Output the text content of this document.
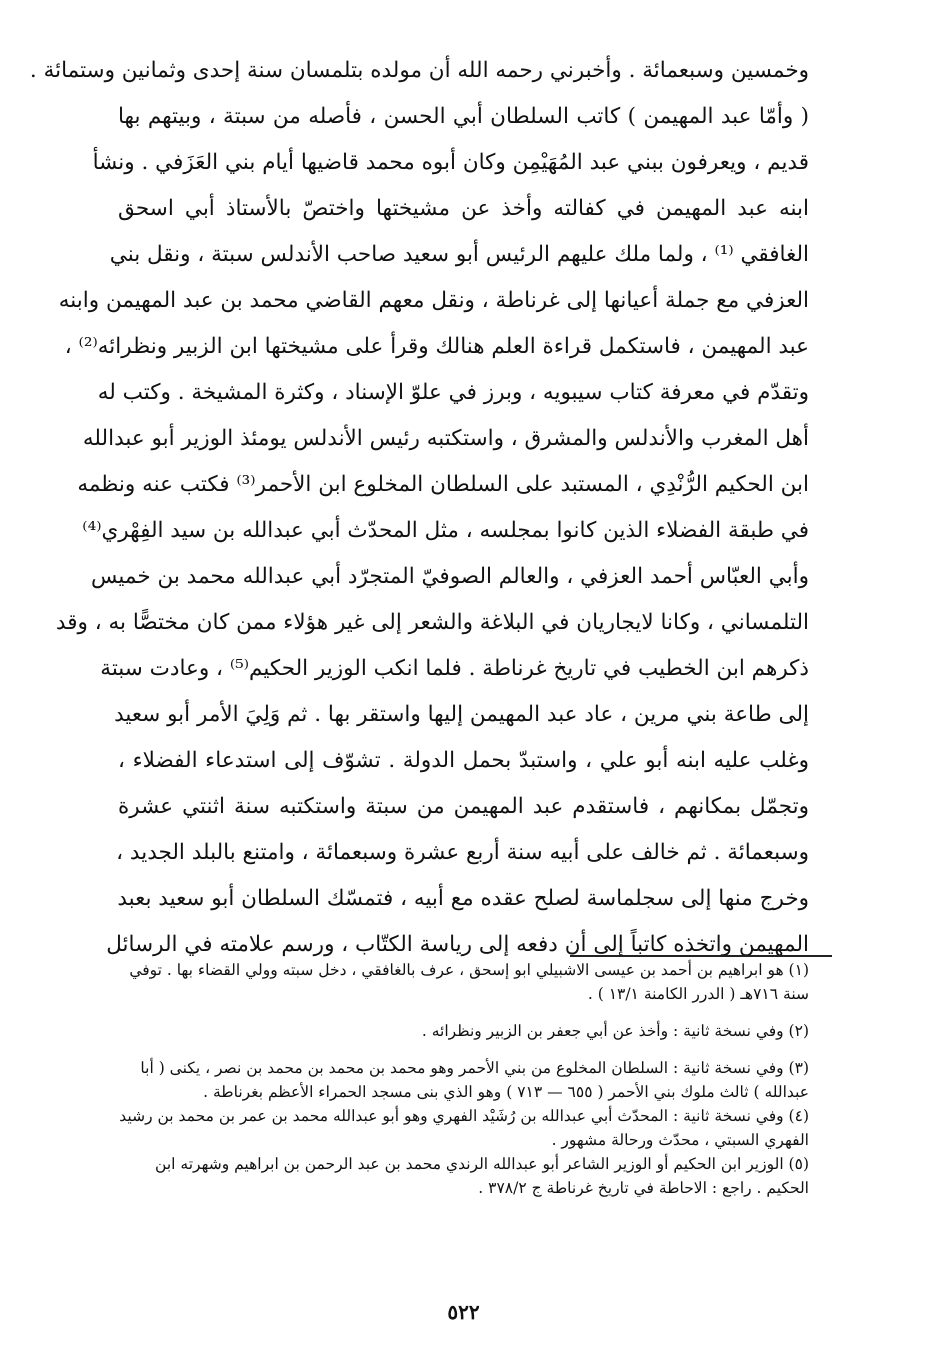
وخمسين وسبعمائة . وأخبرني رحمه الله أن مولده بتلمسان سنة إحدى وثمانين وستمائة .
( وأمّا عبد المهيمن ) كاتب السلطان أبي الحسن ، فأصله من سبتة ، وبيتهم بها
قديم ، ويعرفون ببني عبد المُهَيْمِن وكان أبوه محمد قاضيها أيام بني العَزَفي . ونشأ
ابنه عبد المهيمن في كفالته وأخذ عن مشيختها واختصّ بالأستاذ أبي اسحق
الغافقي ⁽¹⁾ ، ولما ملك عليهم الرئيس أبو سعيد صاحب الأندلس سبتة ، ونقل بني
العزفي مع جملة أعيانها إلى غرناطة ، ونقل معهم القاضي محمد بن عبد المهيمن وابنه
عبد المهيمن ، فاستكمل قراءة العلم هنالك وقرأ على مشيختها ابن الزبير ونظرائه⁽²⁾ ،
وتقدّم في معرفة كتاب سيبويه ، وبرز في علوّ الإسناد ، وكثرة المشيخة . وكتب له
أهل المغرب والأندلس والمشرق ، واستكتبه رئيس الأندلس يومئذ الوزير أبو عبدالله
ابن الحكيم الرُّنْدِي ، المستبد على السلطان المخلوع ابن الأحمر⁽³⁾ فكتب عنه ونظمه
في طبقة الفضلاء الذين كانوا بمجلسه ، مثل المحدّث أبي عبدالله بن سيد الفِهْري⁽⁴⁾
وأبي العبّاس أحمد العزفي ، والعالم الصوفيّ المتجرّد أبي عبدالله محمد بن خميس
التلمساني ، وكانا لايجاريان في البلاغة والشعر إلى غير هؤلاء ممن كان مختصًّا به ، وقد
ذكرهم ابن الخطيب في تاريخ غرناطة . فلما انكب الوزير الحكيم⁽⁵⁾ ، وعادت سبتة
إلى طاعة بني مرين ، عاد عبد المهيمن إليها واستقر بها . ثم وَلِيَ الأمر أبو سعيد
وغلب عليه ابنه أبو علي ، واستبدّ بحمل الدولة . تشوّف إلى استدعاء الفضلاء ،
وتجمّل بمكانهم ، فاستقدم عبد المهيمن من سبتة واستكتبه سنة اثنتي عشرة
وسبعمائة . ثم خالف على أبيه سنة أربع عشرة وسبعمائة ، وامتنع بالبلد الجديد ،
وخرج منها إلى سجلماسة لصلح عقده مع أبيه ، فتمسّك السلطان أبو سعيد بعبد
المهيمن واتخذه كاتباً إلى أن دفعه إلى رياسة الكتّاب ، ورسم علامته في الرسائل
(١) هو ابراهيم بن أحمد بن عيسى الاشبيلي ابو إسحق ، عرف بالغافقي ، دخل سبته وولي القضاء بها . توفي
سنة ٧١٦هـ ( الدرر الكامنة ١٣/١ ) .
(٢) وفي نسخة ثانية : وأخذ عن أبي جعفر بن الزبير ونظرائه .
(٣) وفي نسخة ثانية : السلطان المخلوع من بني الأحمر وهو محمد بن محمد بن محمد بن نصر ، يكنى ( أبا
عبدالله ) ثالث ملوك بني الأحمر ( ٦٥٥ — ٧١٣ ) وهو الذي بنى مسجد الحمراء الأعظم بغرناطة .
(٤) وفي نسخة ثانية : المحدّث أبي عبدالله بن رُشَيْد الفهري وهو أبو عبدالله محمد بن عمر بن محمد بن رشيد
الفهري السبتي ، محدّث ورحالة مشهور .
(٥) الوزير ابن الحكيم أو الوزير الشاعر أبو عبدالله الرندي محمد بن عبد الرحمن بن ابراهيم وشهرته ابن
الحكيم . راجع : الاحاطة في تاريخ غرناطة ج ٣٧٨/٢ .
٥٢٢
